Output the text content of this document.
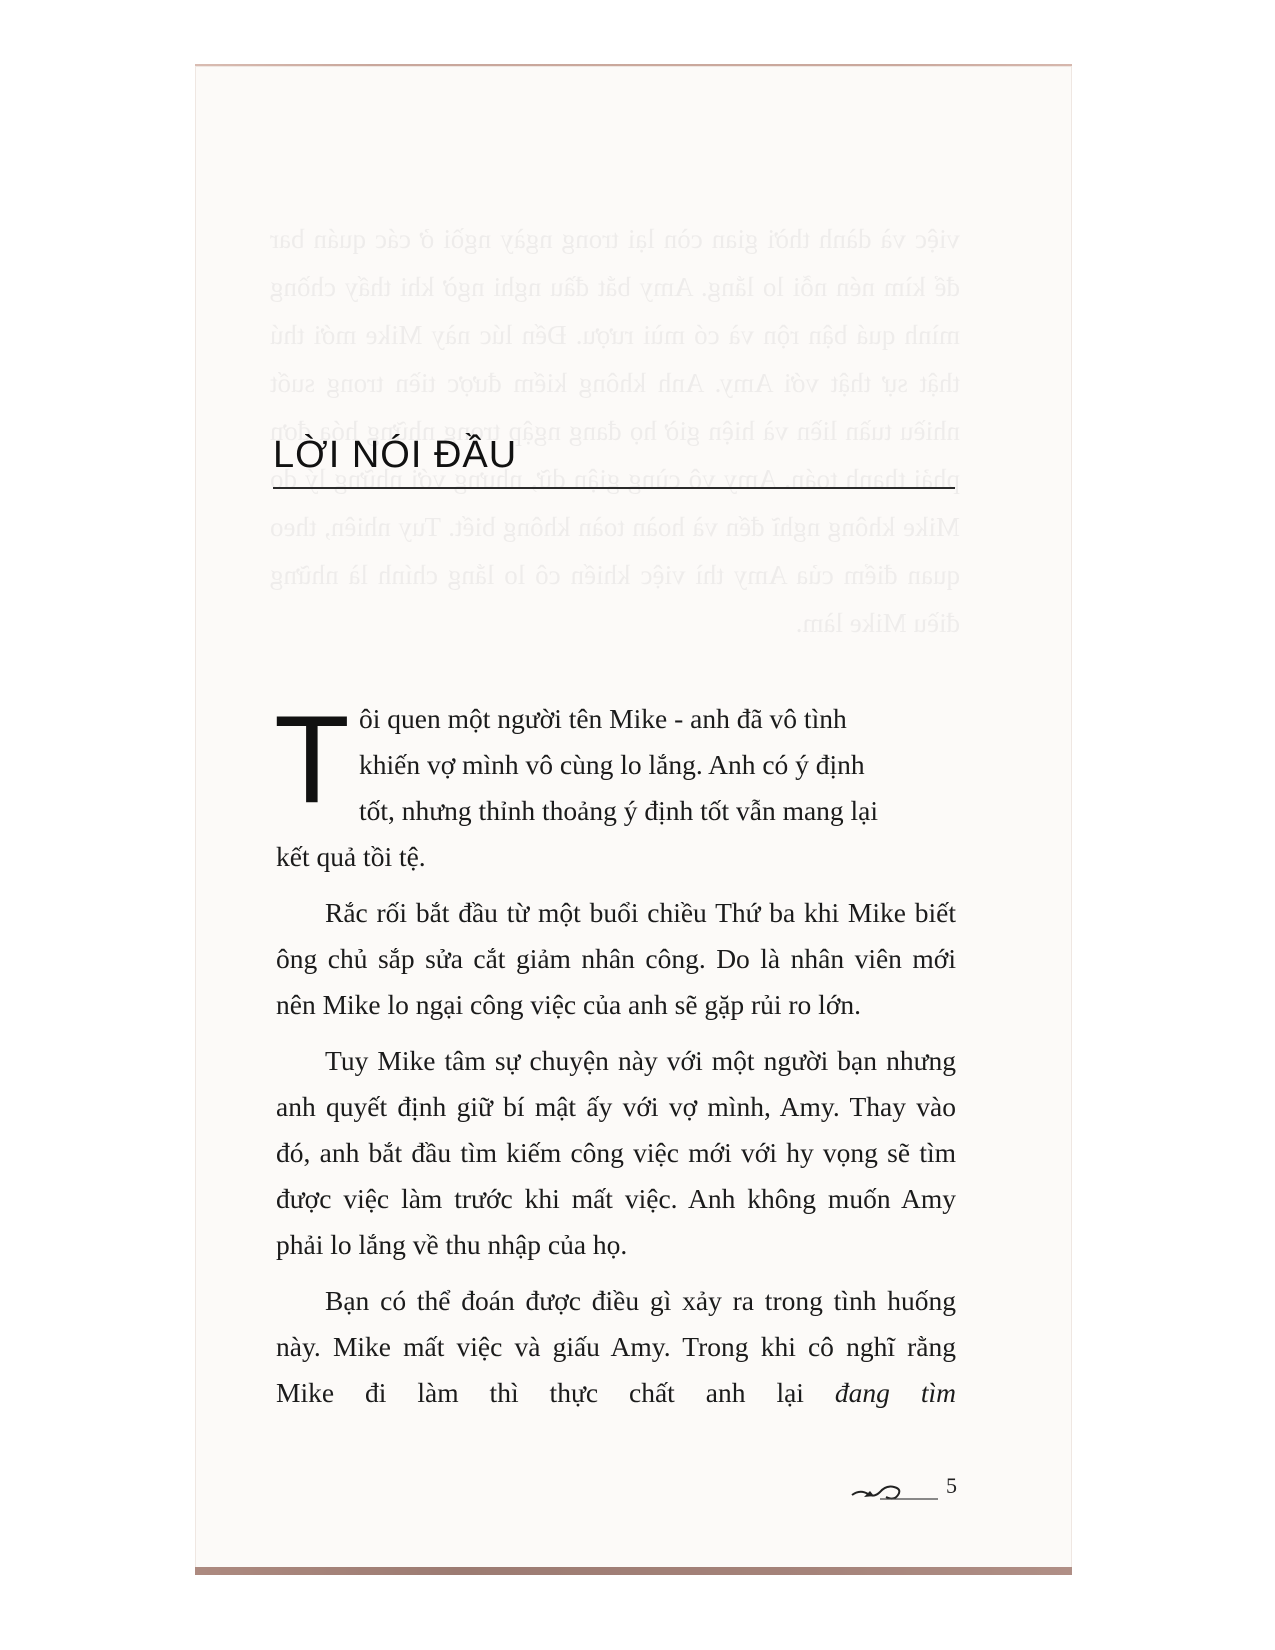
LỜI NÓI ĐẦU
T ôi quen một người tên Mike - anh đã vô tình
khiến vợ mình vô cùng lo lắng. Anh có ý định
tốt, nhưng thỉnh thoảng ý định tốt vẫn mang lại

kết quả tồi tệ.

Rắc rối bắt đầu từ một buổi chiều Thứ ba khi Mike biết ông chủ sắp sửa cắt giảm nhân công. Do là nhân viên mới nên Mike lo ngại công việc của anh sẽ gặp rủi ro lớn.

Tuy Mike tâm sự chuyện này với một người bạn nhưng anh quyết định giữ bí mật ấy với vợ mình, Amy. Thay vào đó, anh bắt đầu tìm kiếm công việc mới với hy vọng sẽ tìm được việc làm trước khi mất việc. Anh không muốn Amy phải lo lắng về thu nhập của họ.

Bạn có thể đoán được điều gì xảy ra trong tình huống này. Mike mất việc và giấu Amy. Trong khi cô nghĩ rằng Mike đi làm thì thực chất anh lại đang tìm

5
